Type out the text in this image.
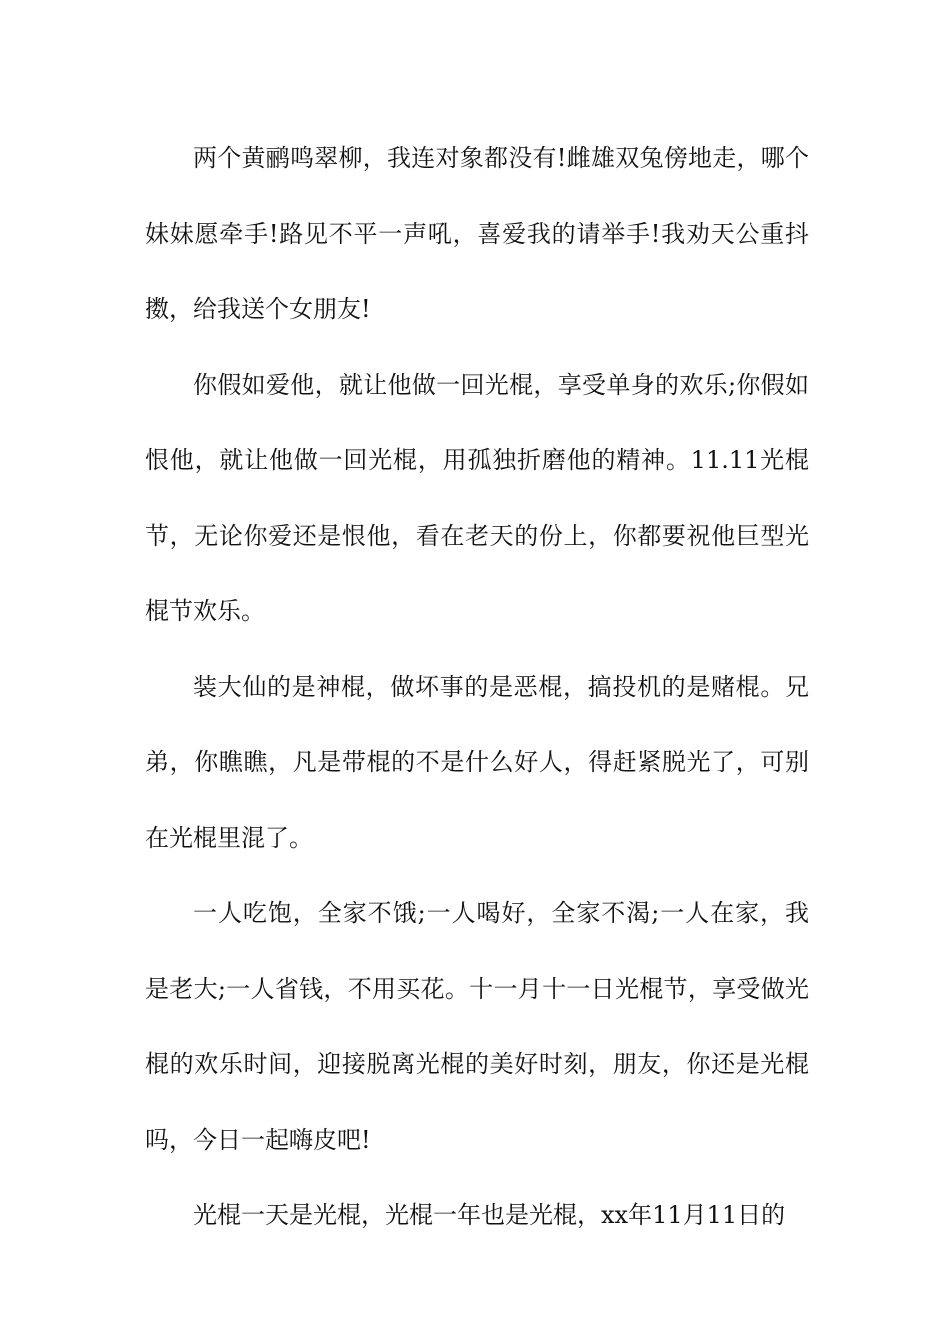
两个黄鹂鸣翠柳，我连对象都没有!雌雄双兔傍地走，哪个妹妹愿牵手!路见不平一声吼，喜爱我的请举手!我劝天公重抖擞，给我送个女朋友!

你假如爱他，就让他做一回光棍，享受单身的欢乐;你假如恨他，就让他做一回光棍，用孤独折磨他的精神。11.11光棍节，无论你爱还是恨他，看在老天的份上，你都要祝他巨型光棍节欢乐。

装大仙的是神棍，做坏事的是恶棍，搞投机的是赌棍。兄弟，你瞧瞧，凡是带棍的不是什么好人，得赶紧脱光了，可别在光棍里混了。

一人吃饱，全家不饿;一人喝好，全家不渴;一人在家，我是老大;一人省钱，不用买花。十一月十一日光棍节，享受做光棍的欢乐时间，迎接脱离光棍的美好时刻，朋友，你还是光棍吗，今日一起嗨皮吧!

光棍一天是光棍，光棍一年也是光棍，xx年11月11日的
